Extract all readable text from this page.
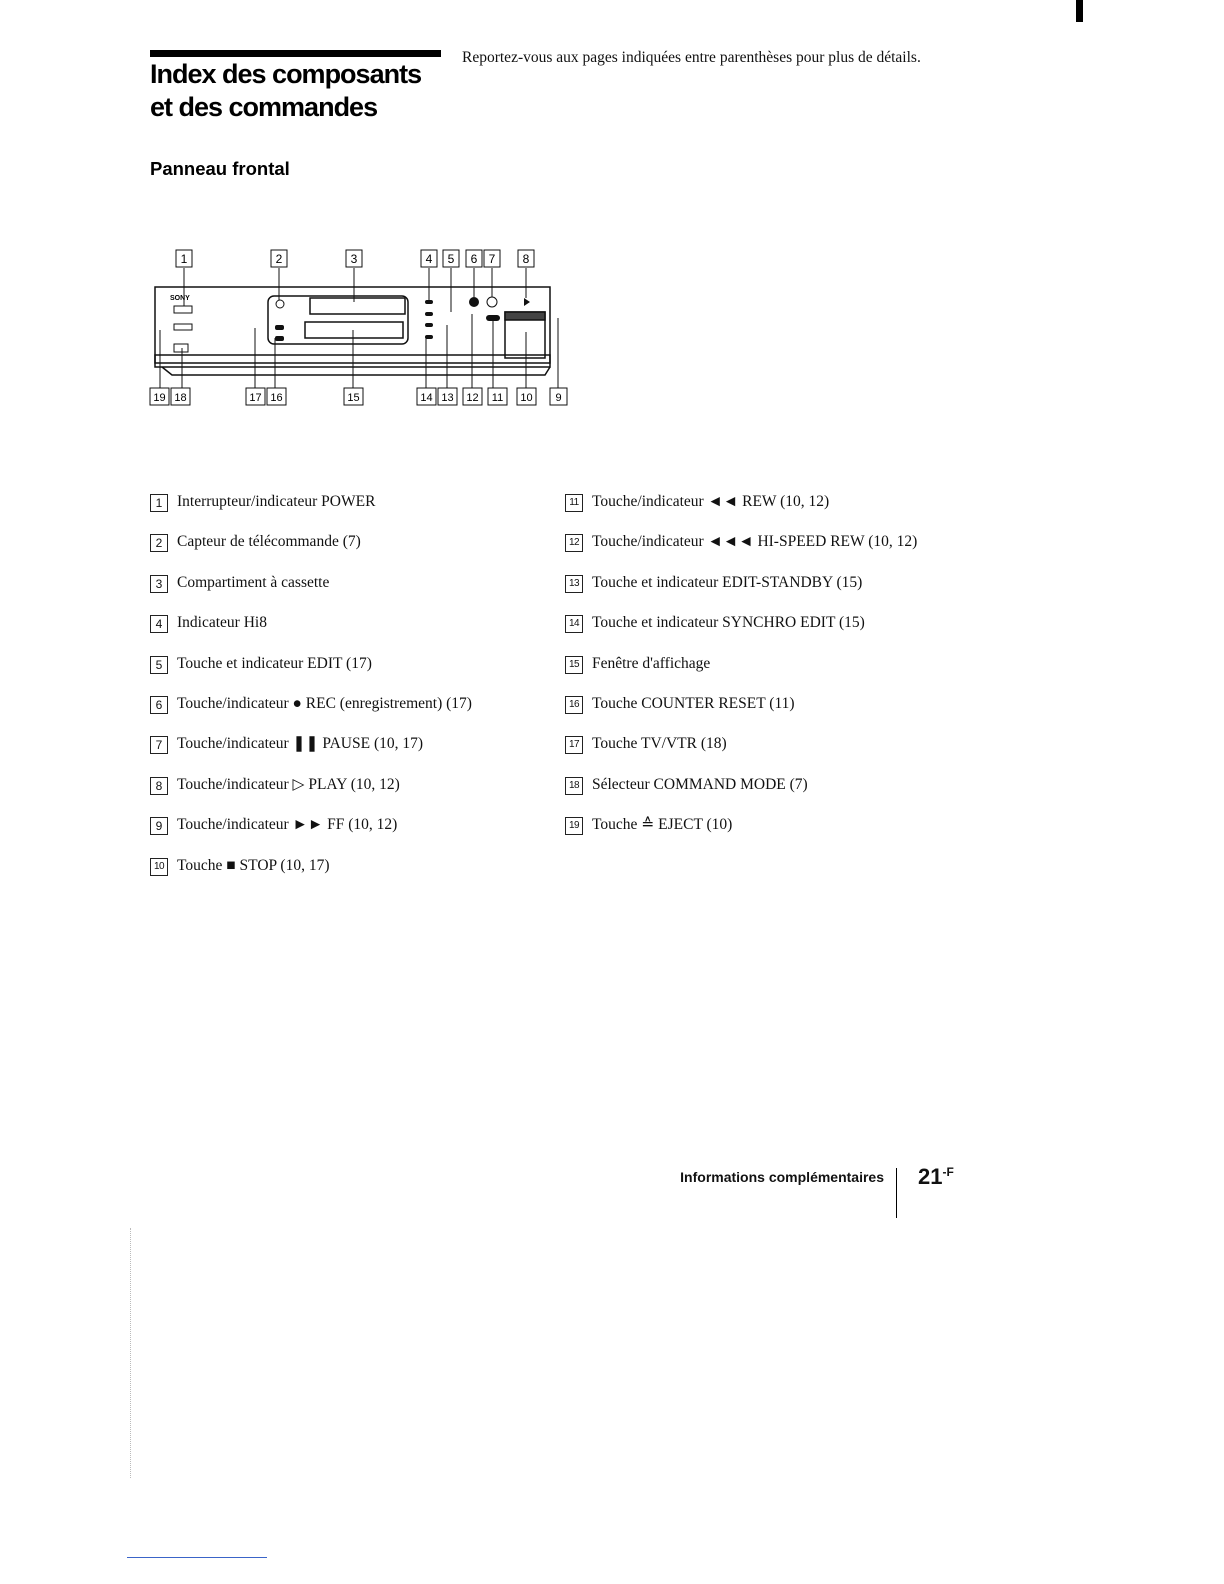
Index des composants
et des commandes

Reportez-vous aux pages indiquées entre parenthèses pour plus de détails.

Panneau frontal
SONY
1	2	3	4 5 6 7 8
19 18	17 16	15	14 13 12 11 10 9
1 Interrupteur/indicateur POWER
2 Capteur de télécommande (7)
3 Compartiment à cassette
4 Indicateur Hi8
5 Touche et indicateur EDIT (17)
6 Touche/indicateur ● REC (enregistrement) (17)
7 Touche/indicateur ❚❚ PAUSE (10, 17)
8 Touche/indicateur ▷ PLAY (10, 12)
9 Touche/indicateur ►► FF (10, 12)
10 Touche ■ STOP (10, 17)
11 Touche/indicateur ◄◄ REW (10, 12)
12 Touche/indicateur ◄◄◄ HI-SPEED REW (10, 12)
13 Touche et indicateur EDIT-STANDBY (15)
14 Touche et indicateur SYNCHRO EDIT (15)
15 Fenêtre d'affichage
16 Touche COUNTER RESET (11)
17 Touche TV/VTR (18)
18 Sélecteur COMMAND MODE (7)
19 Touche ≙ EJECT (10)
Informations complémentaires $21^{-F}$
